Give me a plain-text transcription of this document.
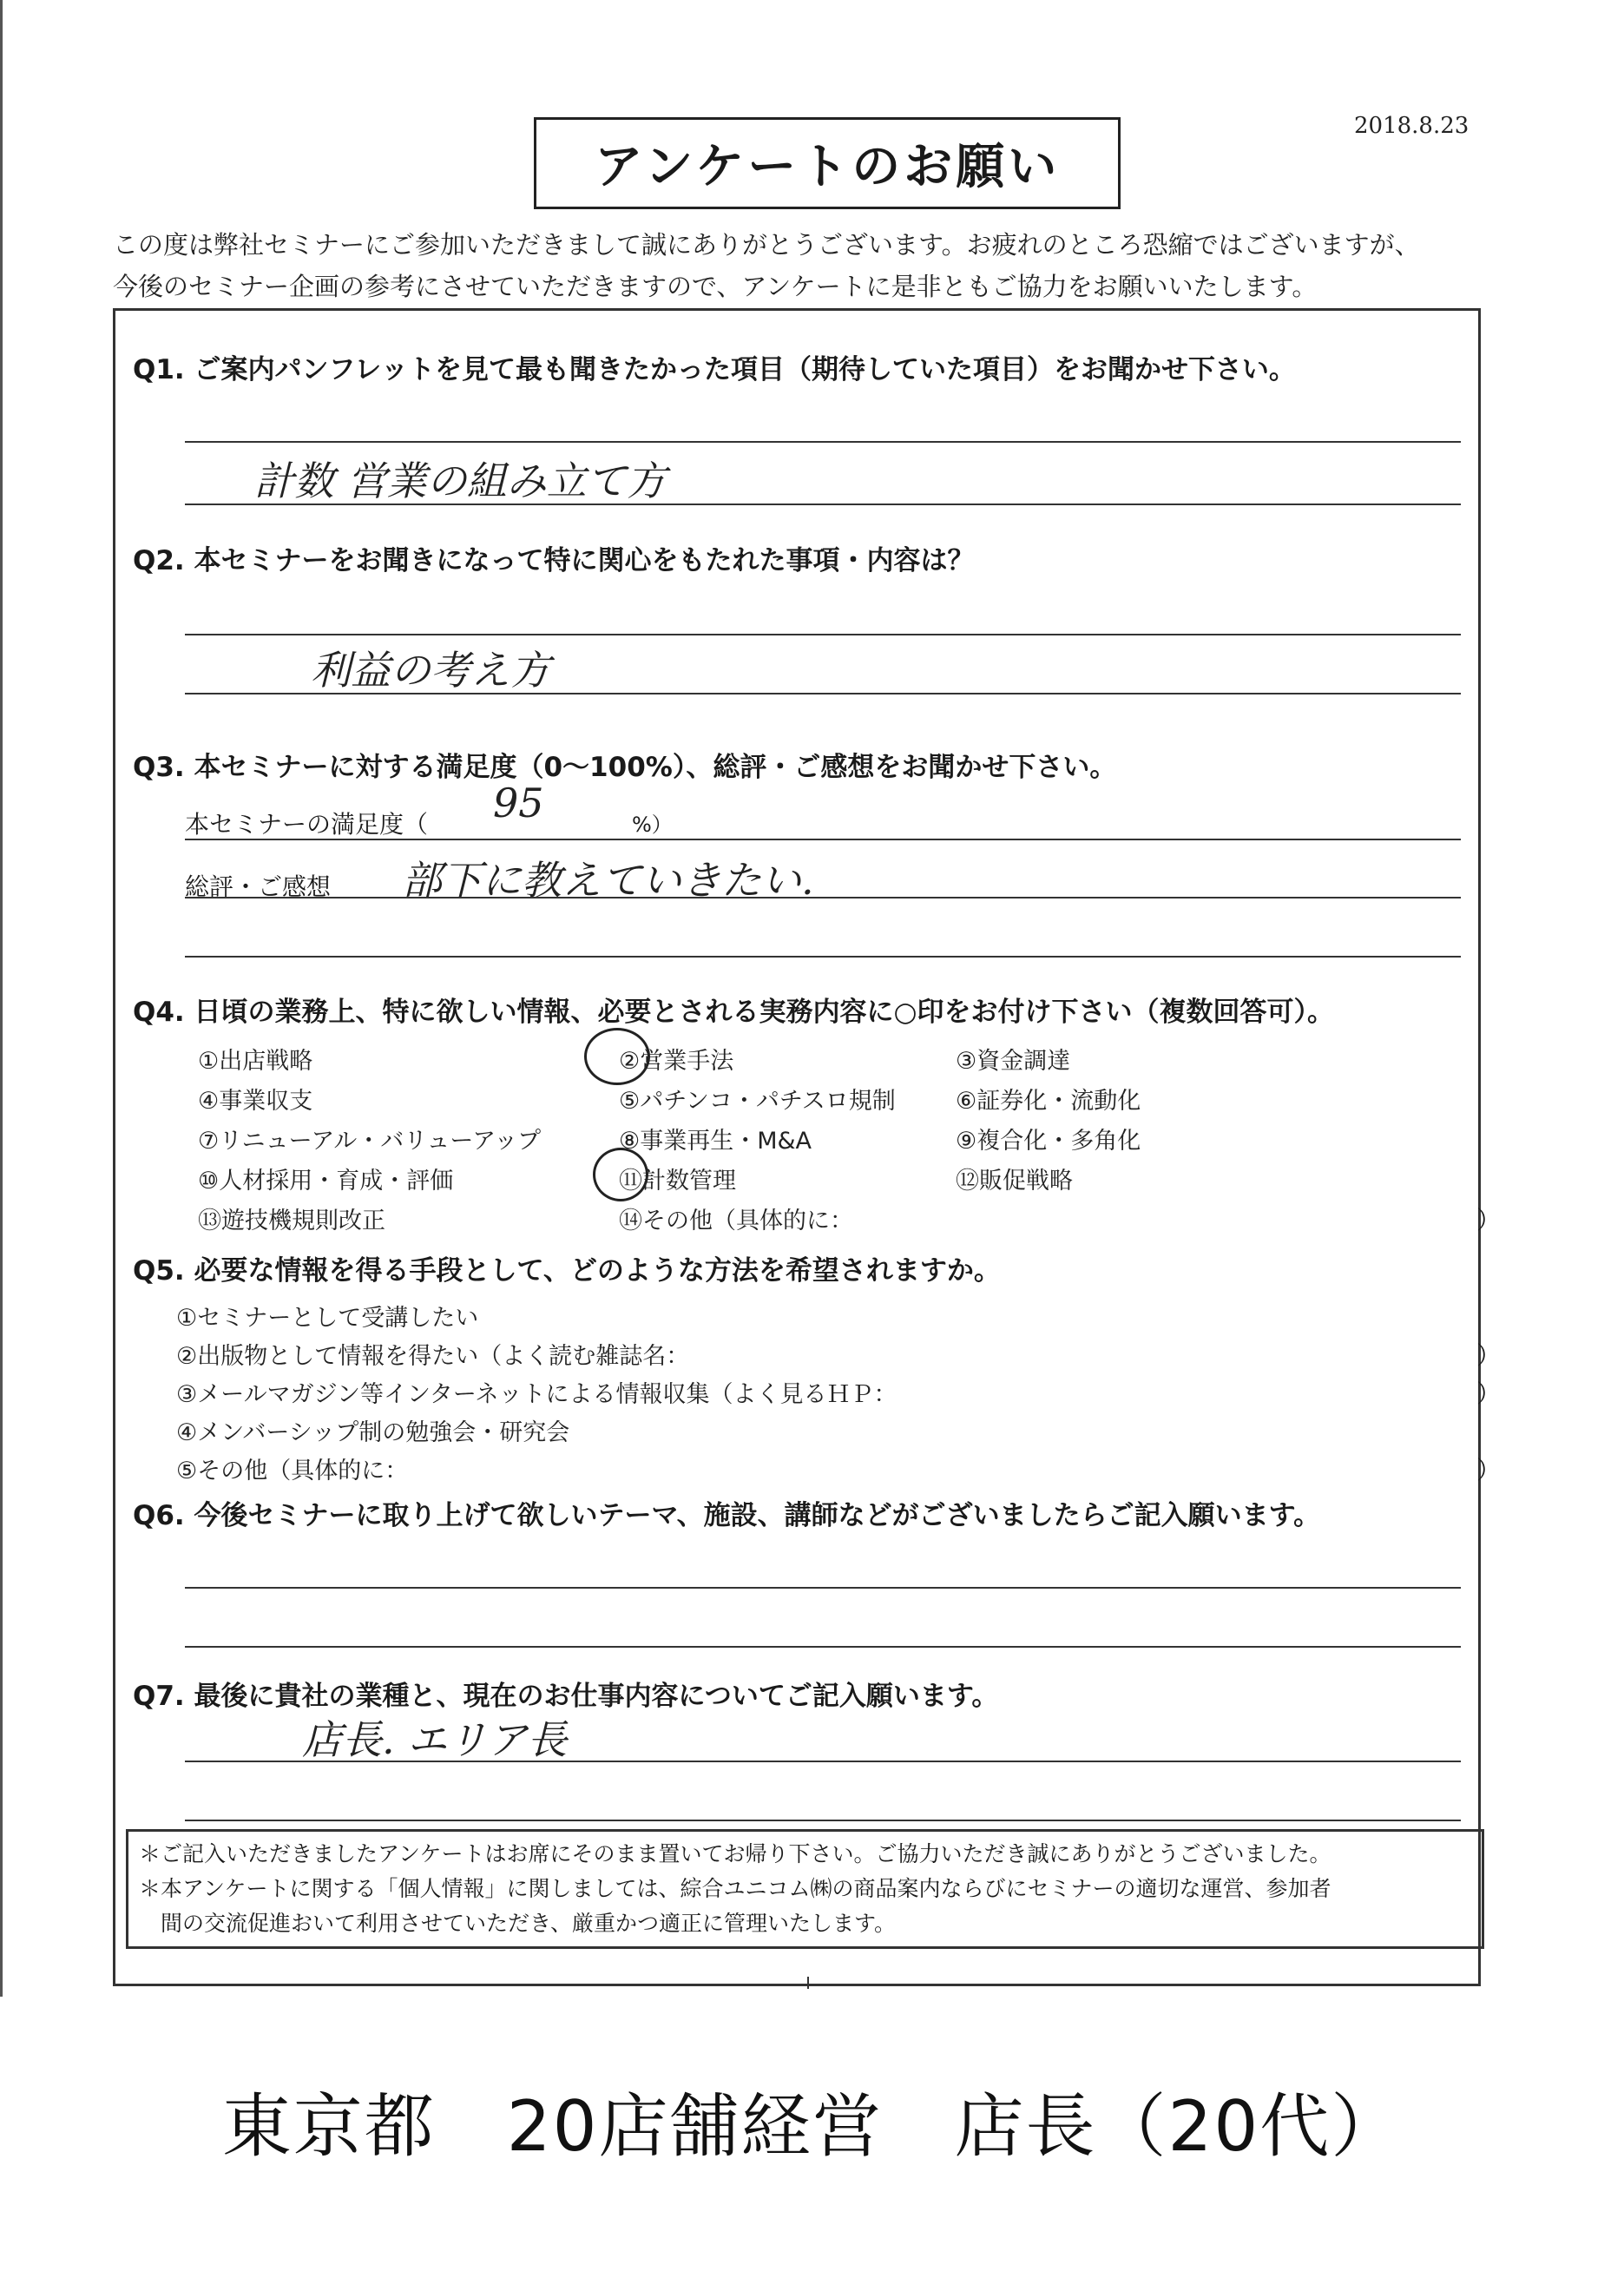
2018.8.23
アンケートのお願い
この度は弊社セミナーにご参加いただきまして誠にありがとうございます。お疲れのところ恐縮ではございますが、
今後のセミナー企画の参考にさせていただきますので、アンケートに是非ともご協力をお願いいたします。
Q1. ご案内パンフレットを見て最も聞きたかった項目（期待していた項目）をお聞かせ下さい。
計数 営業の組み立て方
Q2. 本セミナーをお聞きになって特に関心をもたれた事項・内容は？
利益の考え方
Q3. 本セミナーに対する満足度（0〜100%）、総評・ご感想をお聞かせ下さい。
本セミナーの満足度（ 95	%）
総評・ご感想 部下に教えていきたい.
Q4. 日頃の業務上、特に欲しい情報、必要とされる実務内容に○印をお付け下さい（複数回答可）。
①出店戦略	②営業手法	③資金調達
④事業収支	⑤パチンコ・パチスロ規制	⑥証券化・流動化
⑦リニューアル・バリューアップ	⑧事業再生・M&A	⑨複合化・多角化
⑩人材採用・育成・評価	⑪計数管理	⑫販促戦略
⑬遊技機規則改正	⑭その他（具体的に：	）
Q5. 必要な情報を得る手段として、どのような方法を希望されますか。
①セミナーとして受講したい
②出版物として情報を得たい（よく読む雑誌名：	）
③メールマガジン等インターネットによる情報収集（よく見るＨＰ：	）
④メンバーシップ制の勉強会・研究会
⑤その他（具体的に：	）
Q6. 今後セミナーに取り上げて欲しいテーマ、施設、講師などがございましたらご記入願います。
Q7. 最後に貴社の業種と、現在のお仕事内容についてご記入願います。
店長. エリア長
＊ご記入いただきましたアンケートはお席にそのまま置いてお帰り下さい。ご協力いただき誠にありがとうございました。
＊本アンケートに関する「個人情報」に関しましては、綜合ユニコム㈱の商品案内ならびにセミナーの適切な運営、参加者
　間の交流促進おいて利用させていただき、厳重かつ適正に管理いたします。
東京都　20店舗経営　店長（20代）
